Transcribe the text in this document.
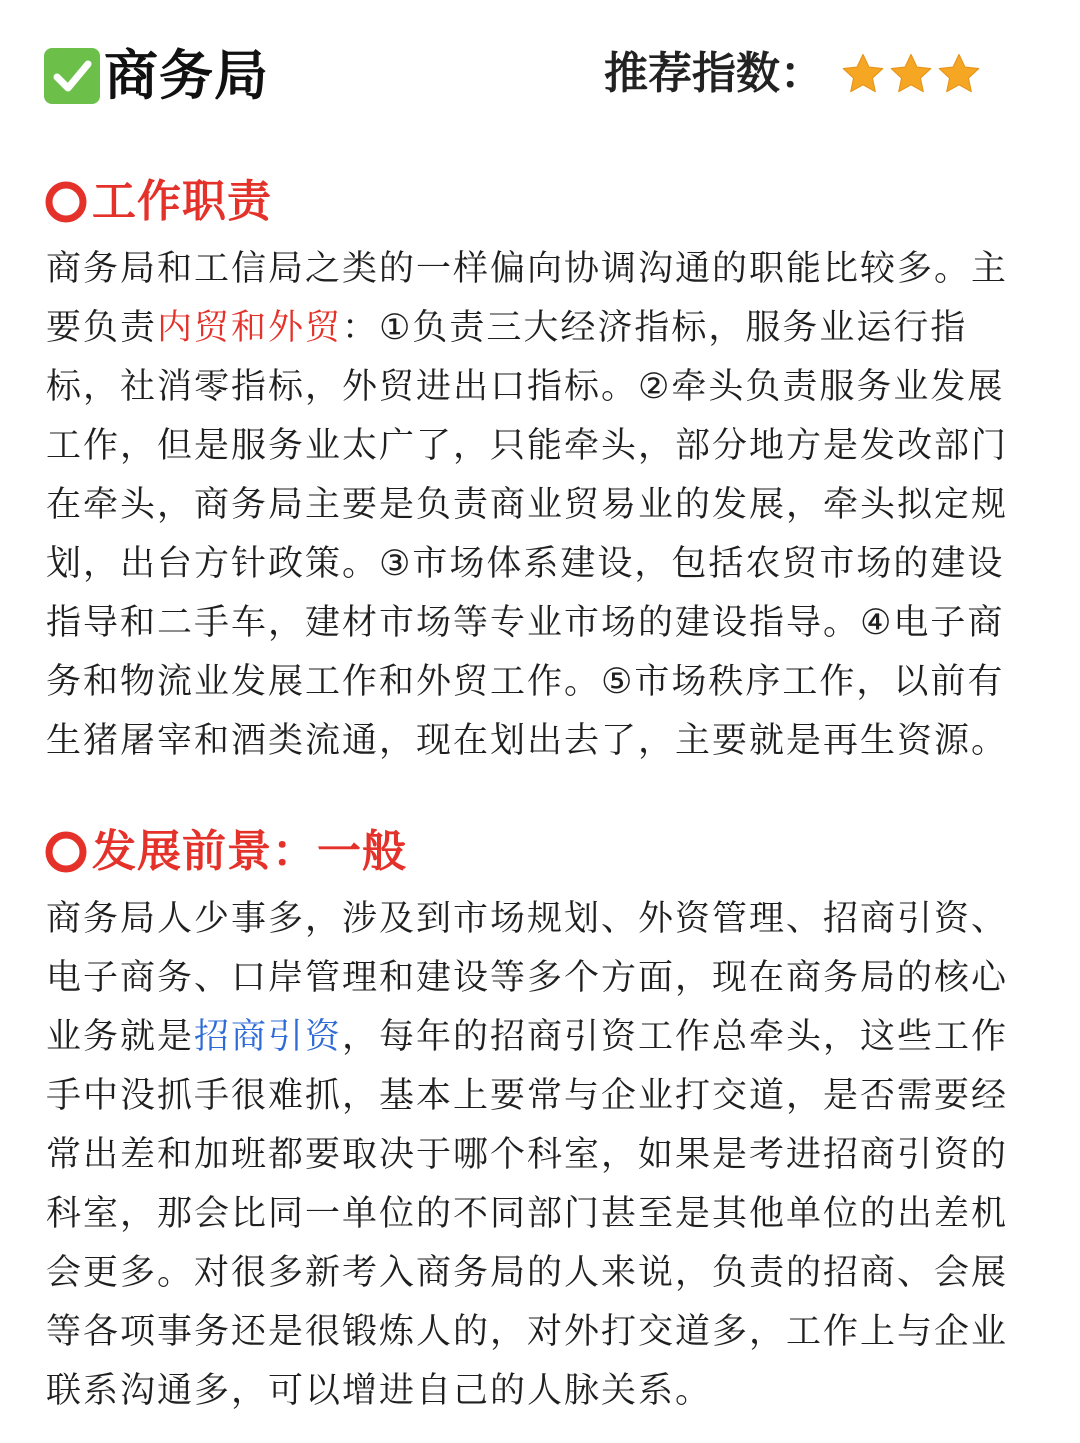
商务局	推荐指数：
工作职责
商务局和工信局之类的一样偏向协调沟通的职能比较多。主要负责内贸和外贸：①负责三大经济指标，服务业运行指标，社消零指标，外贸进出口指标。②牵头负责服务业发展工作，但是服务业太广了，只能牵头，部分地方是发改部门在牵头，商务局主要是负责商业贸易业的发展，牵头拟定规划，出台方针政策。③市场体系建设，包括农贸市场的建设指导和二手车，建材市场等专业市场的建设指导。④电子商务和物流业发展工作和外贸工作。⑤市场秩序工作，以前有生猪屠宰和酒类流通，现在划出去了，主要就是再生资源。
发展前景：一般
商务局人少事多，涉及到市场规划、外资管理、招商引资、电子商务、口岸管理和建设等多个方面，现在商务局的核心业务就是招商引资，每年的招商引资工作总牵头，这些工作手中没抓手很难抓，基本上要常与企业打交道，是否需要经常出差和加班都要取决于哪个科室，如果是考进招商引资的科室，那会比同一单位的不同部门甚至是其他单位的出差机会更多。对很多新考入商务局的人来说，负责的招商、会展等各项事务还是很锻炼人的，对外打交道多，工作上与企业联系沟通多，可以增进自己的人脉关系。
